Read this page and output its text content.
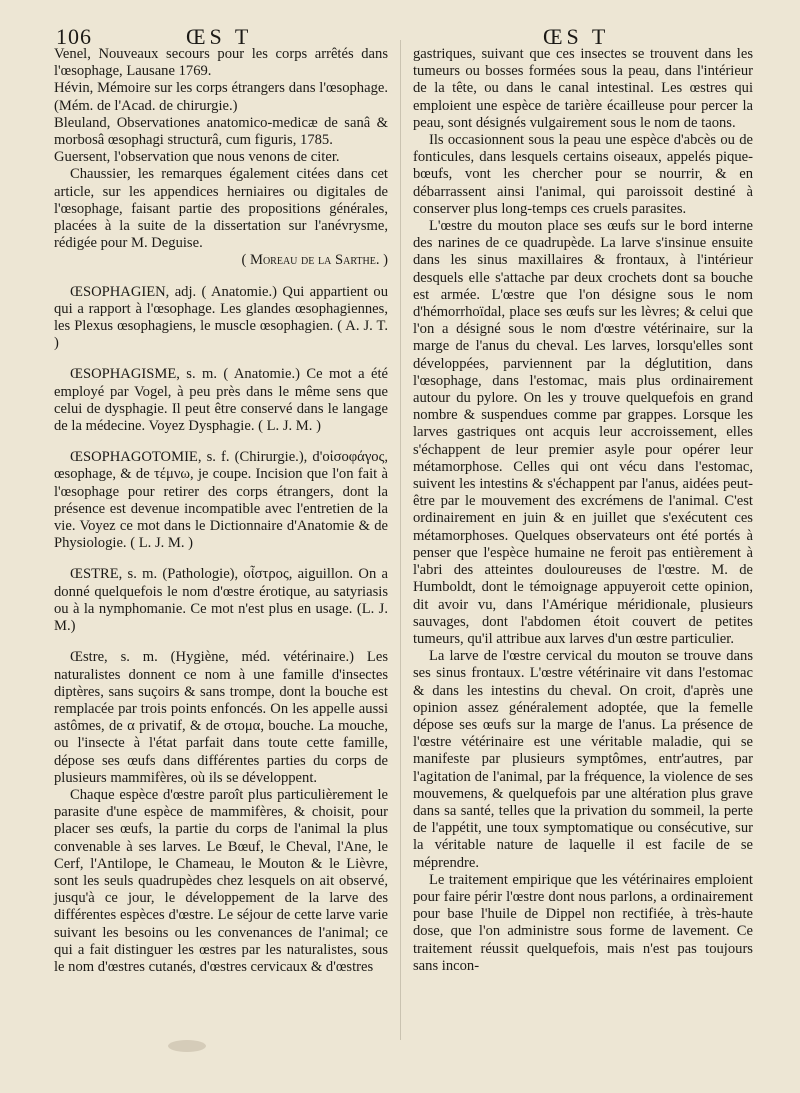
106	ŒS T	ŒS T

Venel, Nouveaux secours pour les corps arrêtés dans l'œsophage, Lausane 1769.

Hévin, Mémoire sur les corps étrangers dans l'œsophage. (Mém. de l'Acad. de chirurgie.)

Bleuland, Observationes anatomico-medicæ de sanâ & morbosâ œsophagi structurâ, cum figuris, 1785.

Guersent, l'observation que nous venons de citer.

Chaussier, les remarques également citées dans cet article, sur les appendices herniaires ou digitales de l'œsophage, faisant partie des propositions générales, placées à la suite de la dissertation sur l'anévrysme, rédigée pour M. Deguise.

( Moreau de la Sarthe. )

ŒSOPHAGIEN, adj. ( Anatomie.) Qui appartient ou qui a rapport à l'œsophage. Les glandes œsophagiennes, les Plexus œsophagiens, le muscle œsophagien. ( A. J. T. )

ŒSOPHAGISME, s. m. ( Anatomie.) Ce mot a été employé par Vogel, à peu près dans le même sens que celui de dysphagie. Il peut être conservé dans le langage de la médecine. Voyez Dysphagie. ( L. J. M. )

ŒSOPHAGOTOMIE, s. f. (Chirurgie.), d'οἰσοφάγος, œsophage, & de τέμνω, je coupe. Incision que l'on fait à l'œsophage pour retirer des corps étrangers, dont la présence est devenue incompatible avec l'entretien de la vie. Voyez ce mot dans le Dictionnaire d'Anatomie & de Physiologie. ( L. J. M. )

ŒSTRE, s. m. (Pathologie), οἶστρος, aiguillon. On a donné quelquefois le nom d'œstre érotique, au satyriasis ou à la nymphomanie. Ce mot n'est plus en usage. (L. J. M.)

Œstre, s. m. (Hygiène, méd. vétérinaire.) Les naturalistes donnent ce nom à une famille d'insectes diptères, sans suçoirs & sans trompe, dont la bouche est remplacée par trois points enfoncés. On les appelle aussi astômes, de α privatif, & de στομα, bouche. La mouche, ou l'insecte à l'état parfait dans toute cette famille, dépose ses œufs dans différentes parties du corps de plusieurs mammifères, où ils se développent.

Chaque espèce d'œstre paroît plus particulièrement le parasite d'une espèce de mammifères, & choisit, pour placer ses œufs, la partie du corps de l'animal la plus convenable à ses larves. Le Bœuf, le Cheval, l'Ane, le Cerf, l'Antilope, le Chameau, le Mouton & le Lièvre, sont les seuls quadrupèdes chez lesquels on ait observé, jusqu'à ce jour, le développement de la larve des différentes espèces d'œstre. Le séjour de cette larve varie suivant les besoins ou les convenances de l'animal; ce qui a fait distinguer les œstres par les naturalistes, sous le nom d'œstres cutanés, d'œstres cervicaux & d'œstres

gastriques, suivant que ces insectes se trouvent dans les tumeurs ou bosses formées sous la peau, dans l'intérieur de la tête, ou dans le canal intestinal. Les œstres qui emploient une espèce de tarière écailleuse pour percer la peau, sont désignés vulgairement sous le nom de taons.

Ils occasionnent sous la peau une espèce d'abcès ou de fonticules, dans lesquels certains oiseaux, appelés pique-bœufs, vont les chercher pour se nourrir, & en débarrassent ainsi l'animal, qui paroissoit destiné à conserver plus long-temps ces cruels parasites.

L'œstre du mouton place ses œufs sur le bord interne des narines de ce quadrupède. La larve s'insinue ensuite dans les sinus maxillaires & frontaux, à l'intérieur desquels elle s'attache par deux crochets dont sa bouche est armée. L'œstre que l'on désigne sous le nom d'hémorrhoïdal, place ses œufs sur les lèvres; & celui que l'on a désigné sous le nom d'œstre vétérinaire, sur la marge de l'anus du cheval. Les larves, lorsqu'elles sont développées, parviennent par la déglutition, dans l'œsophage, dans l'estomac, mais plus ordinairement autour du pylore. On les y trouve quelquefois en grand nombre & suspendues comme par grappes. Lorsque les larves gastriques ont acquis leur accroissement, elles s'échappent de leur premier asyle pour opérer leur métamorphose. Celles qui ont vécu dans l'estomac, suivent les intestins & s'échappent par l'anus, aidées peut-être par le mouvement des excrémens de l'animal. C'est ordinairement en juin & en juillet que s'exécutent ces métamorphoses. Quelques observateurs ont été portés à penser que l'espèce humaine ne feroit pas entièrement à l'abri des atteintes douloureuses de l'œstre. M. de Humboldt, dont le témoignage appuyeroit cette opinion, dit avoir vu, dans l'Amérique méridionale, plusieurs sauvages, dont l'abdomen étoit couvert de petites tumeurs, qu'il attribue aux larves d'un œstre particulier.

La larve de l'œstre cervical du mouton se trouve dans ses sinus frontaux. L'œstre vétérinaire vit dans l'estomac & dans les intestins du cheval. On croit, d'après une opinion assez généralement adoptée, que la femelle dépose ses œufs sur la marge de l'anus. La présence de l'œstre vétérinaire est une véritable maladie, qui se manifeste par plusieurs symptômes, entr'autres, par l'agitation de l'animal, par la fréquence, la violence de ses mouvemens, & quelquefois par une altération plus grave dans sa santé, telles que la privation du sommeil, la perte de l'appétit, une toux symptomatique ou consécutive, sur la véritable nature de laquelle il est facile de se méprendre.

Le traitement empirique que les vétérinaires emploient pour faire périr l'œstre dont nous parlons, a ordinairement pour base l'huile de Dippel non rectifiée, à très-haute dose, que l'on administre sous forme de lavement. Ce traitement réussit quelquefois, mais n'est pas toujours sans incon-
